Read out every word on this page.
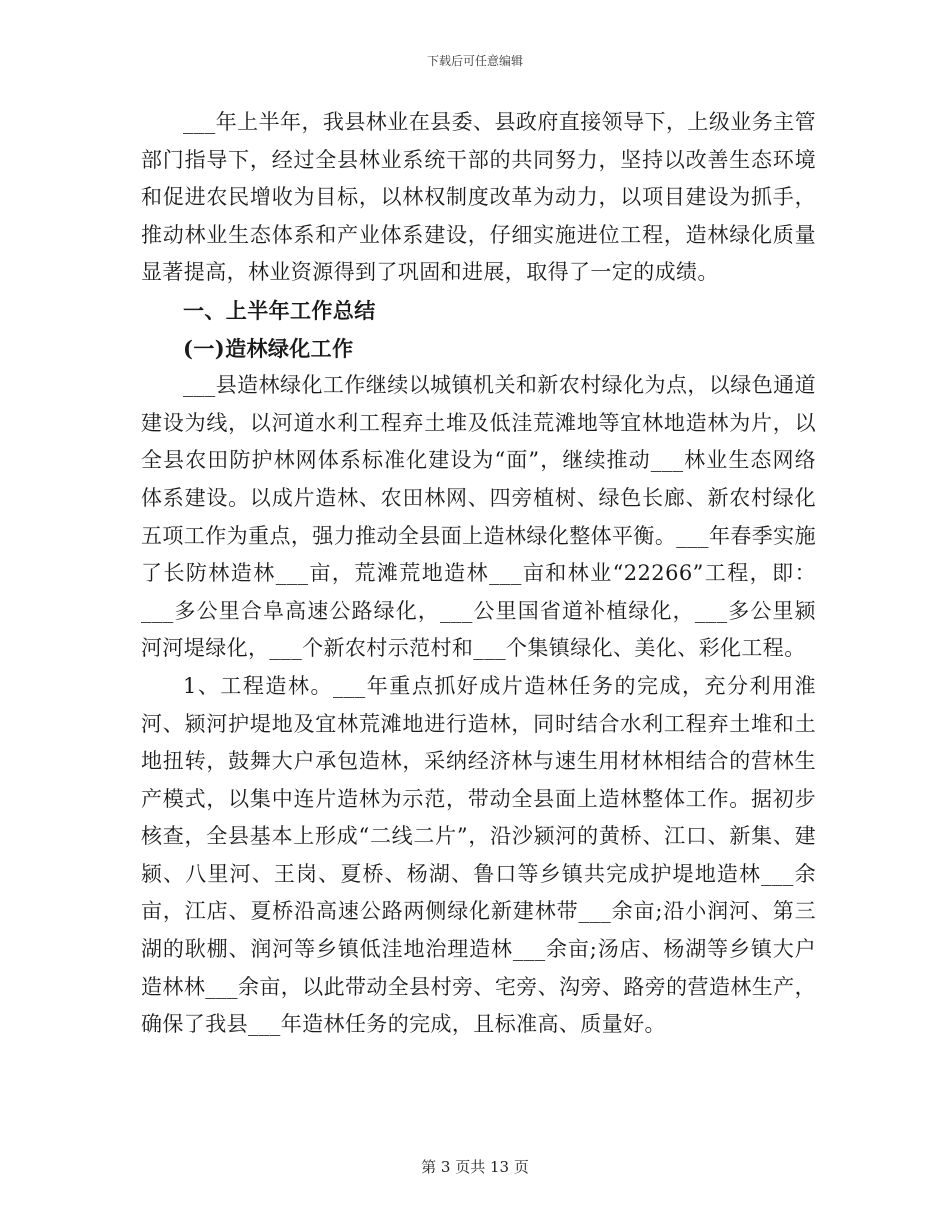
下载后可任意编辑

___年上半年，我县林业在县委、县政府直接领导下，上级业务主管部门指导下，经过全县林业系统干部的共同努力，坚持以改善生态环境和促进农民增收为目标，以林权制度改革为动力，以项目建设为抓手，推动林业生态体系和产业体系建设，仔细实施进位工程，造林绿化质量显著提高，林业资源得到了巩固和进展，取得了一定的成绩。

一、上半年工作总结

(一)造林绿化工作

___县造林绿化工作继续以城镇机关和新农村绿化为点，以绿色通道建设为线，以河道水利工程弃土堆及低洼荒滩地等宜林地造林为片，以全县农田防护林网体系标准化建设为“面”，继续推动___林业生态网络体系建设。以成片造林、农田林网、四旁植树、绿色长廊、新农村绿化五项工作为重点，强力推动全县面上造林绿化整体平衡。___年春季实施了长防林造林___亩，荒滩荒地造林___亩和林业“22266”工程，即：___多公里合阜高速公路绿化，___公里国省道补植绿化，___多公里颍河河堤绿化，___个新农村示范村和___个集镇绿化、美化、彩化工程。

1、工程造林。___年重点抓好成片造林任务的完成，充分利用淮河、颍河护堤地及宜林荒滩地进行造林，同时结合水利工程弃土堆和土地扭转，鼓舞大户承包造林，采纳经济林与速生用材林相结合的营林生产模式，以集中连片造林为示范，带动全县面上造林整体工作。据初步核查，全县基本上形成“二线二片”，沿沙颍河的黄桥、江口、新集、建颍、八里河、王岗、夏桥、杨湖、鲁口等乡镇共完成护堤地造林___余亩，江店、夏桥沿高速公路两侧绿化新建林带___余亩;沿小润河、第三湖的耿棚、润河等乡镇低洼地治理造林___余亩;汤店、杨湖等乡镇大户造林林___余亩，以此带动全县村旁、宅旁、沟旁、路旁的营造林生产，确保了我县___年造林任务的完成，且标准高、质量好。

第 3 页共 13 页
